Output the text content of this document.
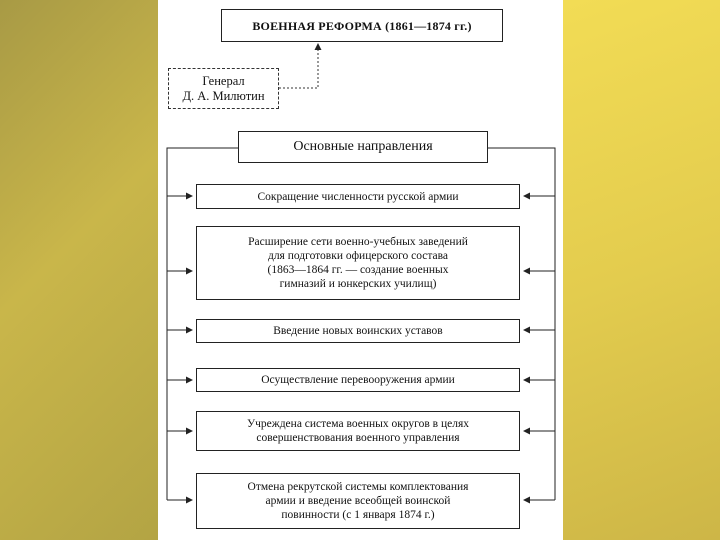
ВОЕННАЯ РЕФОРМА (1861—1874 гг.)
Генерал
Д. А. Милютин
Основные направления
Сокращение численности русской армии
Расширение сети военно-учебных заведений
для подготовки офицерского состава
(1863—1864 гг. — создание военных
гимназий и юнкерских училищ)
Введение новых воинских уставов
Осуществление перевооружения армии
Учреждена система военных округов в целях
совершенствования военного управления
Отмена рекрутской системы комплектования
армии и введение всеобщей воинской
повинности (с 1 января 1874 г.)
